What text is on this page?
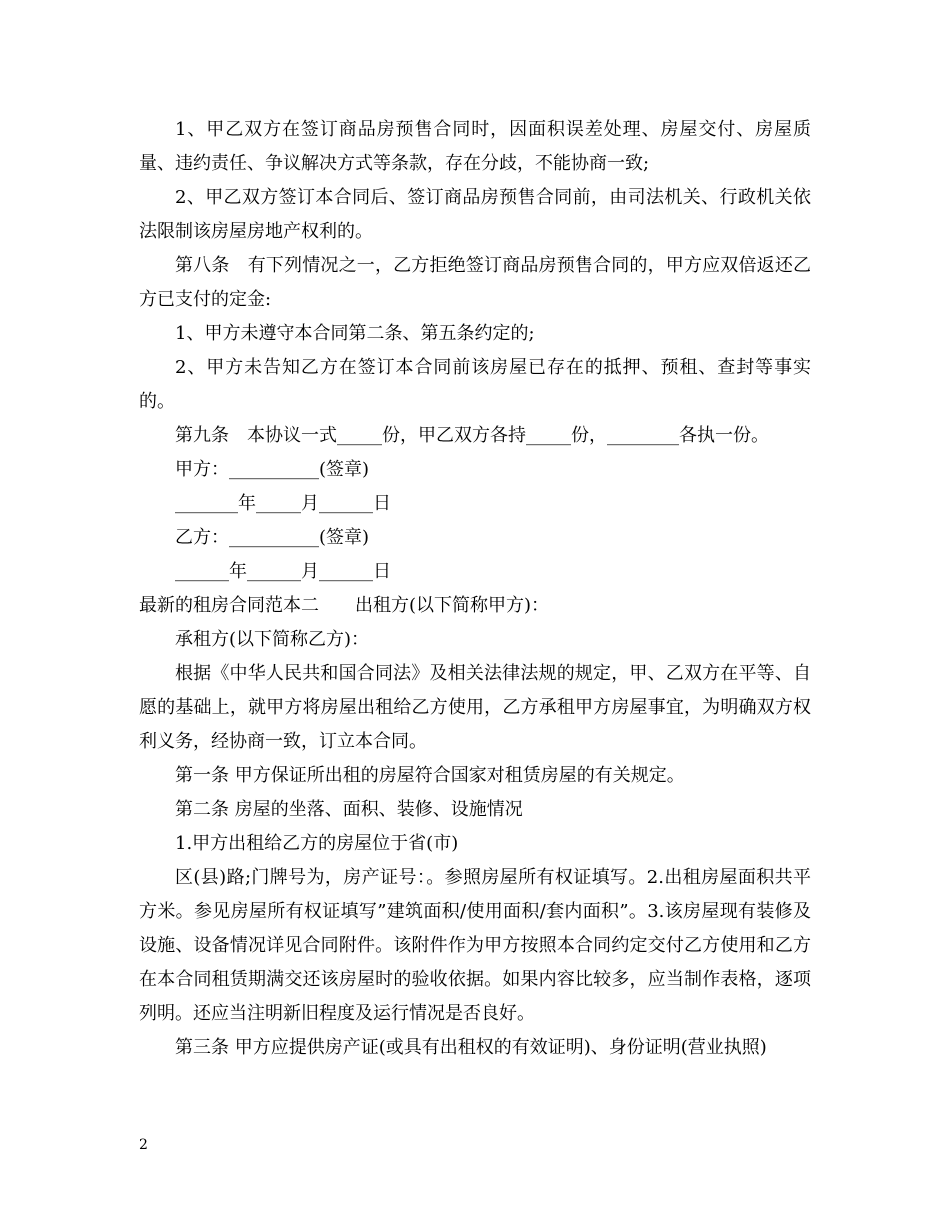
1、甲乙双方在签订商品房预售合同时，因面积误差处理、房屋交付、房屋质量、违约责任、争议解决方式等条款，存在分歧，不能协商一致;

2、甲乙双方签订本合同后、签订商品房预售合同前，由司法机关、行政机关依法限制该房屋房地产权利的。

第八条　有下列情况之一，乙方拒绝签订商品房预售合同的，甲方应双倍返还乙方已支付的定金:

1、甲方未遵守本合同第二条、第五条约定的;

2、甲方未告知乙方在签订本合同前该房屋已存在的抵押、预租、查封等事实的。

第九条　本协议一式_____份，甲乙双方各持_____份，________各执一份。

甲方：__________(签章)

_______年_____月______日

乙方：__________(签章)

______年______月______日

最新的租房合同范本二　　出租方(以下简称甲方)：

承租方(以下简称乙方)：

根据《中华人民共和国合同法》及相关法律法规的规定，甲、乙双方在平等、自愿的基础上，就甲方将房屋出租给乙方使用，乙方承租甲方房屋事宜，为明确双方权利义务，经协商一致，订立本合同。

第一条 甲方保证所出租的房屋符合国家对租赁房屋的有关规定。

第二条 房屋的坐落、面积、装修、设施情况

1.甲方出租给乙方的房屋位于省(市)

区(县)路;门牌号为，房产证号：。参照房屋所有权证填写。2.出租房屋面积共平方米。参见房屋所有权证填写”建筑面积/使用面积/套内面积”。3.该房屋现有装修及设施、设备情况详见合同附件。该附件作为甲方按照本合同约定交付乙方使用和乙方在本合同租赁期满交还该房屋时的验收依据。如果内容比较多，应当制作表格，逐项列明。还应当注明新旧程度及运行情况是否良好。

第三条 甲方应提供房产证(或具有出租权的有效证明)、身份证明(营业执照)

2
